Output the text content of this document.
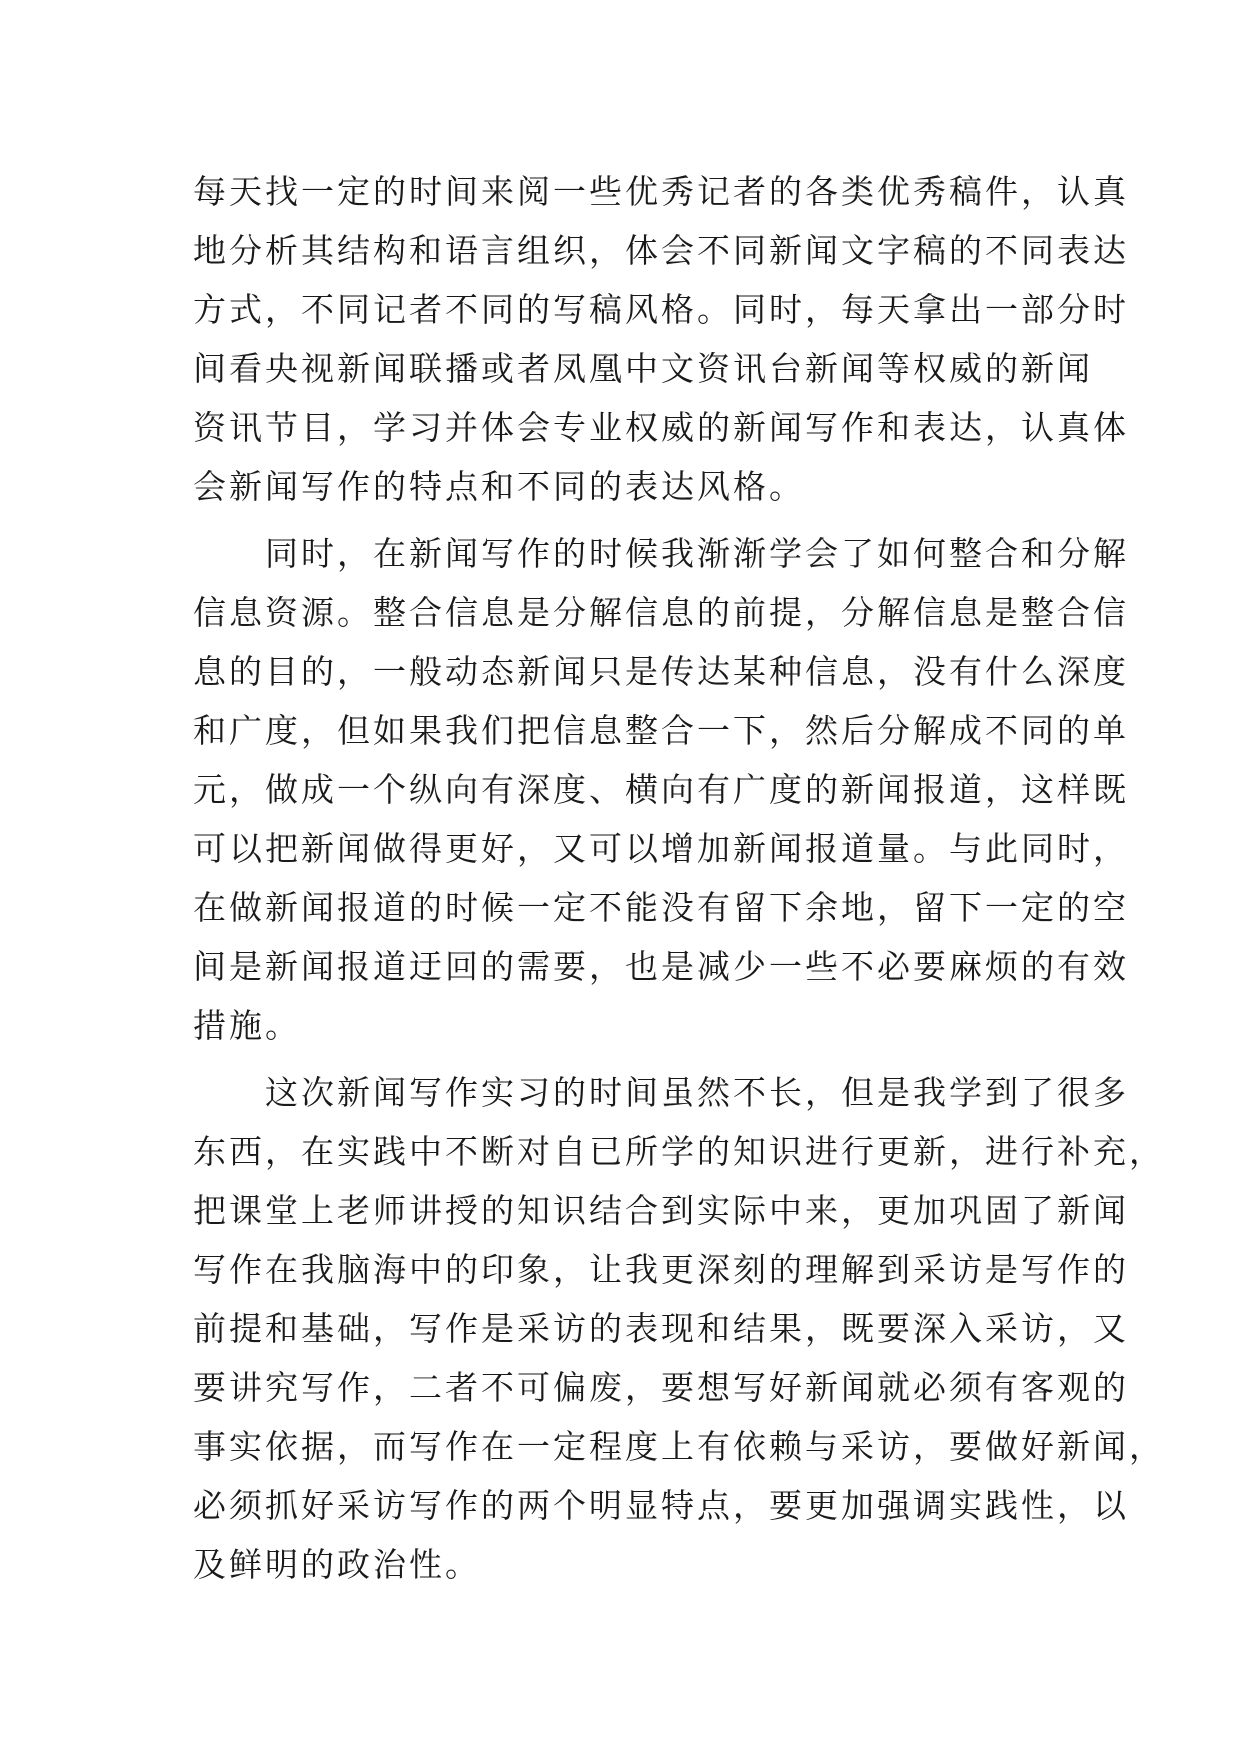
每天找一定的时间来阅一些优秀记者的各类优秀稿件，认真
地分析其结构和语言组织，体会不同新闻文字稿的不同表达
方式，不同记者不同的写稿风格。同时，每天拿出一部分时
间看央视新闻联播或者凤凰中文资讯台新闻等权威的新闻
资讯节目，学习并体会专业权威的新闻写作和表达，认真体
会新闻写作的特点和不同的表达风格。
　　同时，在新闻写作的时候我渐渐学会了如何整合和分解
信息资源。整合信息是分解信息的前提，分解信息是整合信
息的目的，一般动态新闻只是传达某种信息，没有什么深度
和广度，但如果我们把信息整合一下，然后分解成不同的单
元，做成一个纵向有深度、横向有广度的新闻报道，这样既
可以把新闻做得更好，又可以增加新闻报道量。与此同时，
在做新闻报道的时候一定不能没有留下余地，留下一定的空
间是新闻报道迂回的需要，也是减少一些不必要麻烦的有效
措施。
　　这次新闻写作实习的时间虽然不长，但是我学到了很多
东西，在实践中不断对自已所学的知识进行更新，进行补充，
把课堂上老师讲授的知识结合到实际中来，更加巩固了新闻
写作在我脑海中的印象，让我更深刻的理解到采访是写作的
前提和基础，写作是采访的表现和结果，既要深入采访，又
要讲究写作，二者不可偏废，要想写好新闻就必须有客观的
事实依据，而写作在一定程度上有依赖与采访，要做好新闻，
必须抓好采访写作的两个明显特点，要更加强调实践性，以
及鲜明的政治性。
